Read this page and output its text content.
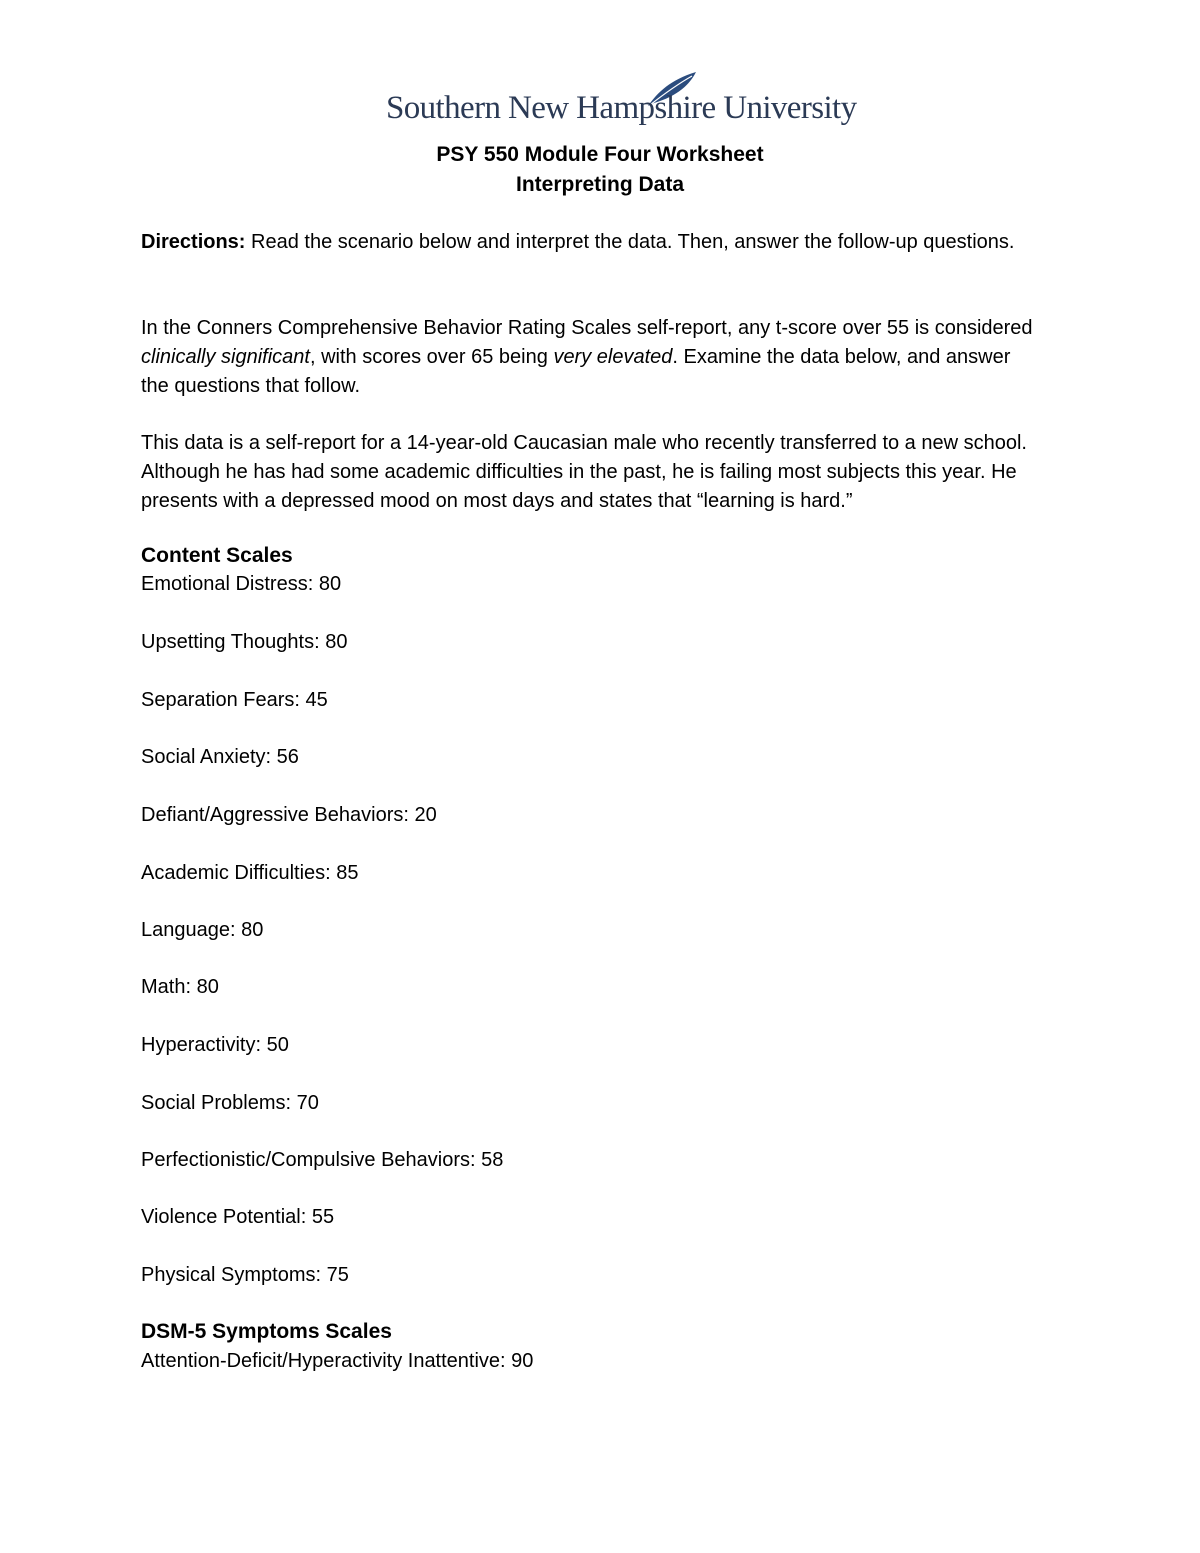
Southern New Hampshire University
PSY 550 Module Four Worksheet
Interpreting Data
Directions: Read the scenario below and interpret the data. Then, answer the follow-up questions.
In the Conners Comprehensive Behavior Rating Scales self-report, any t-score over 55 is considered clinically significant, with scores over 65 being very elevated. Examine the data below, and answer the questions that follow.
This data is a self-report for a 14-year-old Caucasian male who recently transferred to a new school. Although he has had some academic difficulties in the past, he is failing most subjects this year. He presents with a depressed mood on most days and states that “learning is hard.”
Content Scales
Emotional Distress: 80
Upsetting Thoughts: 80
Separation Fears: 45
Social Anxiety: 56
Defiant/Aggressive Behaviors: 20
Academic Difficulties: 85
Language: 80
Math: 80
Hyperactivity: 50
Social Problems: 70
Perfectionistic/Compulsive Behaviors: 58
Violence Potential: 55
Physical Symptoms: 75
DSM-5 Symptoms Scales
Attention-Deficit/Hyperactivity Inattentive: 90
